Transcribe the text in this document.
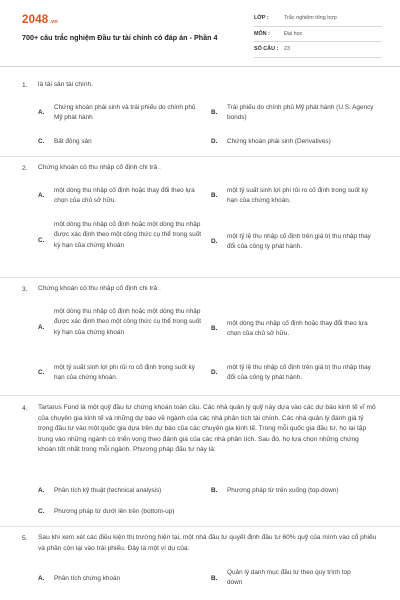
2048.vn
700+ câu trắc nghiệm Đầu tư tài chính có đáp án - Phần 4
LỚP :	Trắc nghiệm tổng hợp
MÔN :	Đại học
SỐ CÂU : 23
1. là tài sản tài chính.
A.
Chứng khoán phái sinh và trái phiếu do chính phủ Mỹ phát hành
B.
Trái phiếu do chính phủ Mỹ phát hành (U.S. Agency bonds)
C. Bất động sản	D. Chứng khoán phái sinh (Derivatives)
2. Chứng khoán có thu nhập cố định chi trả .
A.
một dòng thu nhập cố định hoặc thay đổi theo lựa chọn của chủ sở hữu.
B.
một tỷ suất sinh lợi phi rủi ro cố định trong suốt kỳ hạn của chứng khoán.
C.
một dòng thu nhập cố định hoặc một dòng thu nhập được xác định theo một công thức cụ thể trong suốt kỳ hạn của chứng khoán
D.
một tỷ lệ thu nhập cố định trên giá trị thu nhập thay đổi của công ty phát hành.
3. Chứng khoán có thu nhập cố định chi trả .
A.
một dòng thu nhập cố định hoặc một dòng thu nhập được xác định theo một công thức cụ thể trong suốt kỳ hạn của chứng khoán
B.
một dòng thu nhập cố định hoặc thay đổi theo lựa chọn của chủ sở hữu.
C.
một tỷ suất sinh lợi phi rủi ro cố định trong suốt kỳ hạn của chứng khoán.
D.
một tỷ lệ thu nhập cố định trên giá trị thu nhập thay đổi của công ty phát hành.
4. Tartarus Fund là một quỹ đầu tư chứng khoán toàn cầu. Các nhà quản lý quỹ này dựa vào các dự báo kinh tế vĩ mô của chuyên gia kinh tế và những dự báo về ngành của các nhà phân tích tài chính. Các nhà quản lý đánh giá tỷ trọng đầu tư vào một quốc gia dựa trên dự báo của các chuyên gia kinh tế. Trong mỗi quốc gia đầu tư, họ lại tập trung vào những ngành có triển vọng theo đánh giá của các nhà phân tích. Sau đó, họ lựa chọn những chứng khoán tốt nhất trong mỗi ngành. Phương pháp đầu tư này là:
A. Phân tích kỹ thuật (technical analysis)	B. Phương pháp từ trên xuống (top-down)
C. Phương pháp từ dưới lên trên (bottom-up)
5. Sau khi xem xét các điều kiện thị trường hiện tại, một nhà đầu tư quyết định đầu tư 60% quỹ của mình vào cổ phiếu và phần còn lại vào trái phiếu. Đây là một ví dụ của:
A. Phân tích chứng khoán	B.
Quản lý danh mục đầu tư theo quy trình top down
